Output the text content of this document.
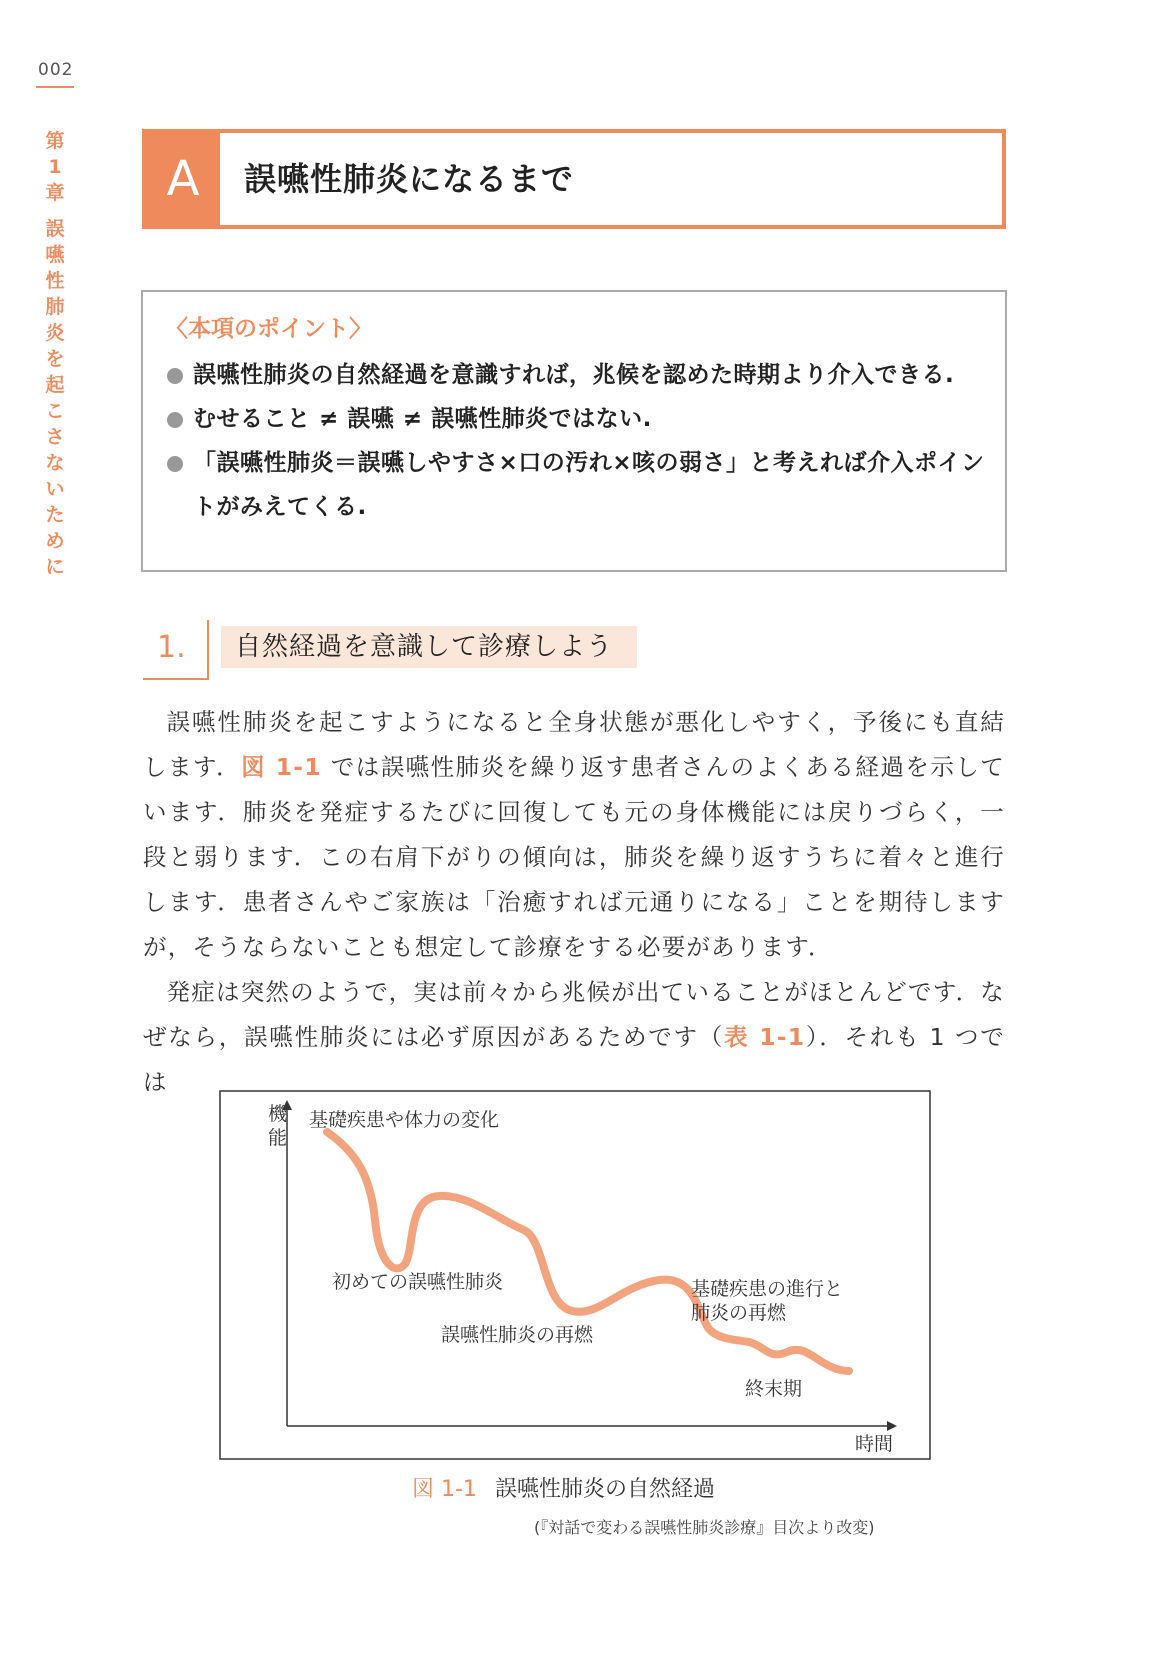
002
第
1
章
誤
嚥
性
肺
炎
を
起
こ
さ
な
い
た
め
に
A	誤嚥性肺炎になるまで
〈本項のポイント〉
誤嚥性肺炎の自然経過を意識すれば，兆候を認めた時期より介入できる.
むせること ≠ 誤嚥 ≠ 誤嚥性肺炎ではない.
「誤嚥性肺炎＝誤嚥しやすさ×口の汚れ×咳の弱さ」と考えれば介入ポイントがみえてくる.
1. 自然経過を意識して診療しよう

誤嚥性肺炎を起こすようになると全身状態が悪化しやすく，予後にも直結します．図 1-1 では誤嚥性肺炎を繰り返す患者さんのよくある経過を示しています．肺炎を発症するたびに回復しても元の身体機能には戻りづらく，一段と弱ります．この右肩下がりの傾向は，肺炎を繰り返すうちに着々と進行します．患者さんやご家族は「治癒すれば元通りになる」ことを期待しますが，そうならないことも想定して診療をする必要があります．

発症は突然のようで，実は前々から兆候が出ていることがほとんどです．なぜなら，誤嚥性肺炎には必ず原因があるためです（表 1-1）．それも 1 つでは

機
能
時間
基礎疾患や体力の変化
初めての誤嚥性肺炎
誤嚥性肺炎の再燃
基礎疾患の進行と
肺炎の再燃
終末期
図 1-1 誤嚥性肺炎の自然経過
(『対話で変わる誤嚥性肺炎診療』目次より改変)
